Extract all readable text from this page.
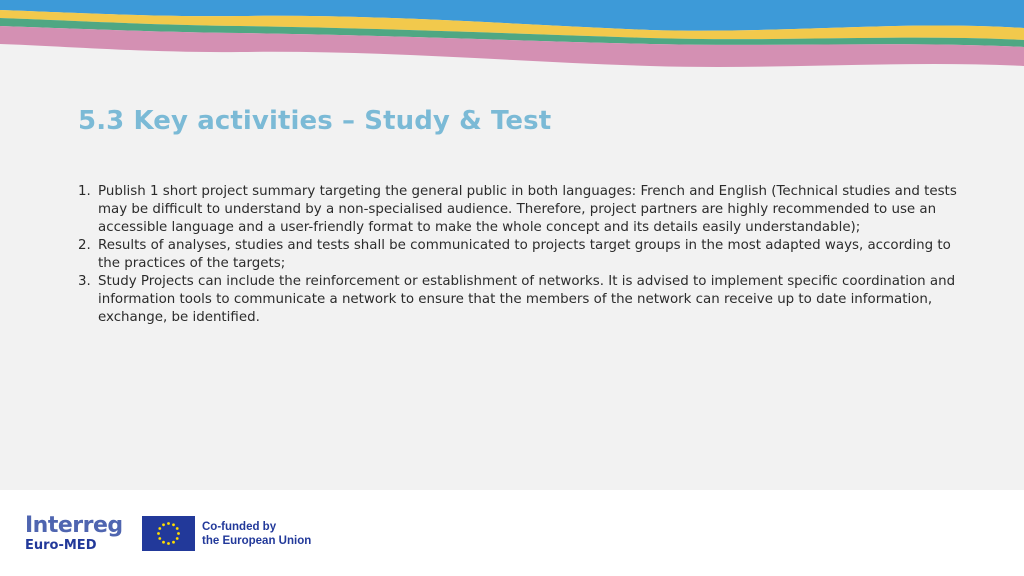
5.3 Key activities – Study & Test
1. Publish 1 short project summary targeting the general public in both languages: French and English (Technical studies and tests may be difficult to understand by a non-specialised audience. Therefore, project partners are highly recommended to use an accessible language and a user-friendly format to make the whole concept and its details easily understandable);
2. Results of analyses, studies and tests shall be communicated to projects target groups in the most adapted ways, according to the practices of the targets;
3. Study Projects can include the reinforcement or establishment of networks. It is advised to implement specific coordination and information tools to communicate a network to ensure that the members of the network can receive up to date information, exchange, be identified.
Interreg
Euro-MED
Co-funded by
the European Union
